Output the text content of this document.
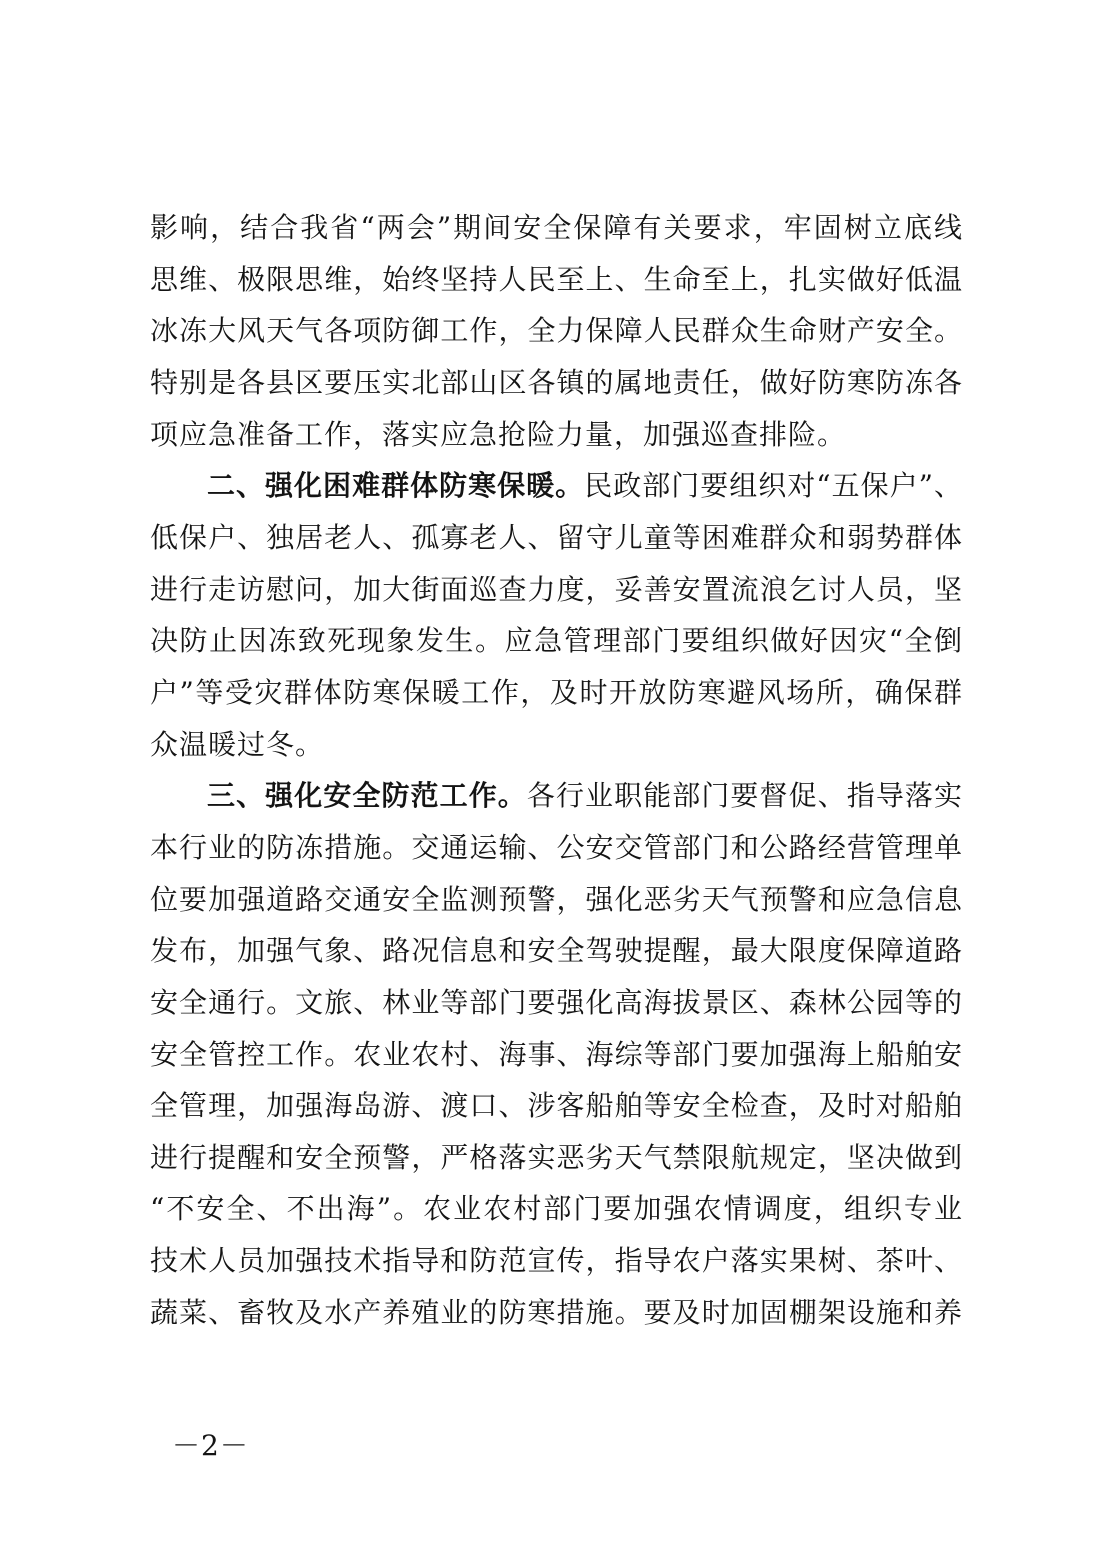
影响，结合我省“两会”期间安全保障有关要求，牢固树立底线
思维、极限思维，始终坚持人民至上、生命至上，扎实做好低温
冰冻大风天气各项防御工作，全力保障人民群众生命财产安全。
特别是各县区要压实北部山区各镇的属地责任，做好防寒防冻各
项应急准备工作，落实应急抢险力量，加强巡查排险。
二、强化困难群体防寒保暖。民政部门要组织对“五保户”、
低保户、独居老人、孤寡老人、留守儿童等困难群众和弱势群体
进行走访慰问，加大街面巡查力度，妥善安置流浪乞讨人员，坚
决防止因冻致死现象发生。应急管理部门要组织做好因灾“全倒
户”等受灾群体防寒保暖工作，及时开放防寒避风场所，确保群
众温暖过冬。
三、强化安全防范工作。各行业职能部门要督促、指导落实
本行业的防冻措施。交通运输、公安交管部门和公路经营管理单
位要加强道路交通安全监测预警，强化恶劣天气预警和应急信息
发布，加强气象、路况信息和安全驾驶提醒，最大限度保障道路
安全通行。文旅、林业等部门要强化高海拔景区、森林公园等的
安全管控工作。农业农村、海事、海综等部门要加强海上船舶安
全管理，加强海岛游、渡口、涉客船舶等安全检查，及时对船舶
进行提醒和安全预警，严格落实恶劣天气禁限航规定，坚决做到
“不安全、不出海”。农业农村部门要加强农情调度，组织专业
技术人员加强技术指导和防范宣传，指导农户落实果树、茶叶、
蔬菜、畜牧及水产养殖业的防寒措施。要及时加固棚架设施和养
－2－
